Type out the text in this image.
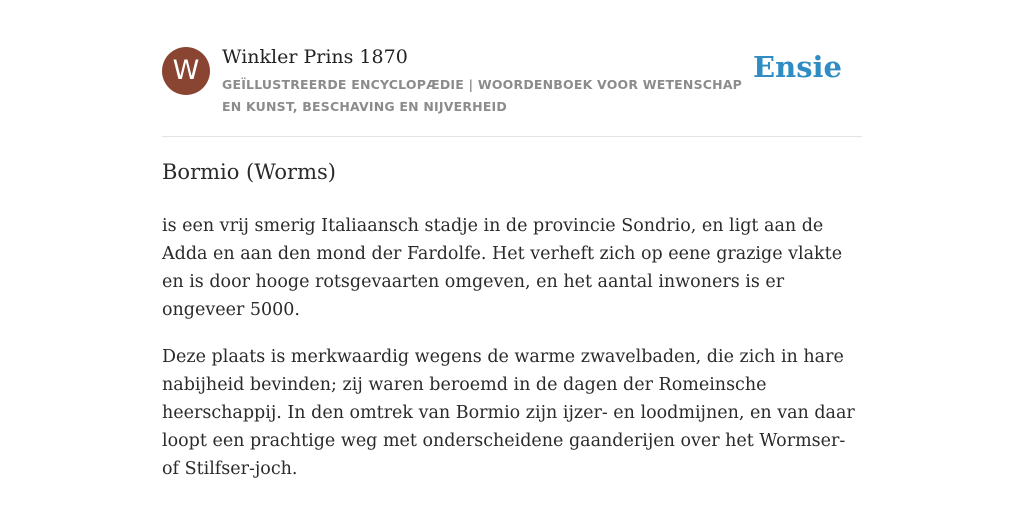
W	Winkler Prins 1870
GEÏLLUSTREERDE ENCYCLOPÆDIE | WOORDENBOEK VOOR WETENSCHAP EN KUNST, BESCHAVING EN NIJVERHEID
Ensie
Bormio (Worms)

is een vrij smerig Italiaansch stadje in de provincie Sondrio, en ligt aan de Adda en aan den mond der Fardolfe. Het verheft zich op eene grazige vlakte en is door hooge rotsgevaarten omgeven, en het aantal inwoners is er ongeveer 5000.

Deze plaats is merkwaardig wegens de warme zwavelbaden, die zich in hare nabijheid bevinden; zij waren beroemd in de dagen der Romeinsche heerschappij. In den omtrek van Bormio zijn ijzer- en loodmijnen, en van daar loopt een prachtige weg met onderscheidene gaanderijen over het Wormser- of Stilfser-joch.
